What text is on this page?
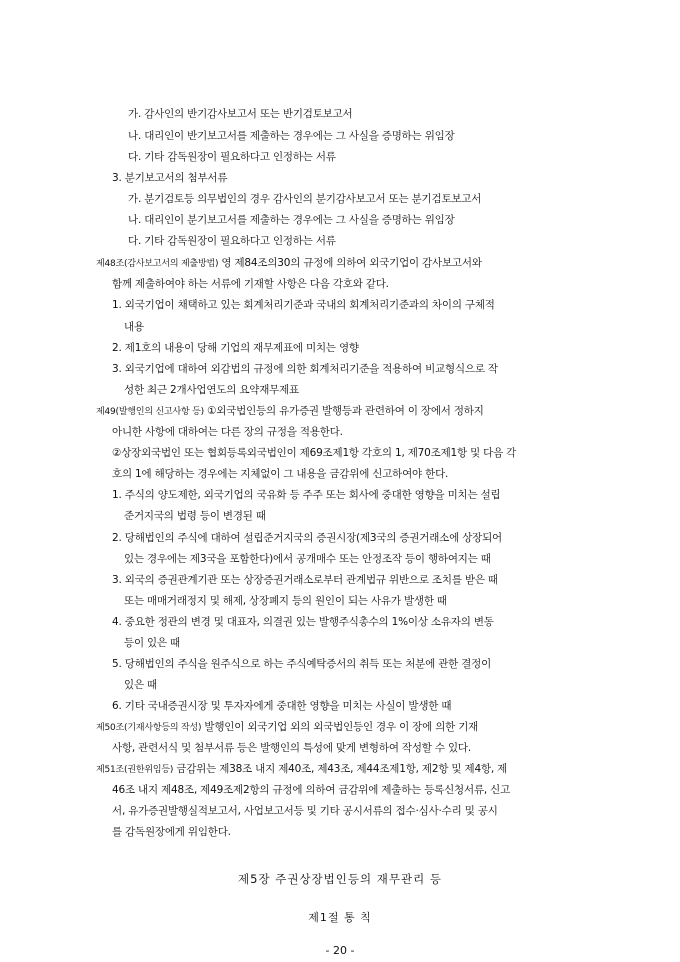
가. 감사인의 반기감사보고서 또는 반기검토보고서
나. 대리인이 반기보고서를 제출하는 경우에는 그 사실을 증명하는 위임장
다. 기타 감독원장이 필요하다고 인정하는 서류
3. 분기보고서의 첨부서류
가. 분기검토등 의무법인의 경우 감사인의 분기감사보고서 또는 분기검토보고서
나. 대리인이 분기보고서를 제출하는 경우에는 그 사실을 증명하는 위임장
다. 기타 감독원장이 필요하다고 인정하는 서류
제48조(감사보고서의 제출방법) 영 제84조의30의 규정에 의하여 외국기업이 감사보고서와
함께 제출하여야 하는 서류에 기재할 사항은 다음 각호와 같다.
1. 외국기업이 채택하고 있는 회계처리기준과 국내의 회계처리기준과의 차이의 구체적
내용
2. 제1호의 내용이 당해 기업의 재무제표에 미치는 영향
3. 외국기업에 대하여 외감법의 규정에 의한 회계처리기준을 적용하여 비교형식으로 작
성한 최근 2개사업연도의 요약재무제표
제49(발행인의 신고사항 등) ①외국법인등의 유가증권 발행등과 관련하여 이 장에서 정하지
아니한 사항에 대하여는 다른 장의 규정을 적용한다.
②상장외국법인 또는 협회등록외국법인이 제69조제1항 각호의 1, 제70조제1항 및 다음 각
호의 1에 해당하는 경우에는 지체없이 그 내용을 금감위에 신고하여야 한다.
1. 주식의 양도제한, 외국기업의 국유화 등 주주 또는 회사에 중대한 영향을 미치는 설립
준거지국의 법령 등이 변경된 때
2. 당해법인의 주식에 대하여 설립준거지국의 증권시장(제3국의 증권거래소에 상장되어
있는 경우에는 제3국을 포함한다)에서 공개매수 또는 안정조작 등이 행하여지는 때
3. 외국의 증권관계기관 또는 상장증권거래소로부터 관계법규 위반으로 조치를 받은 때
또는 매매거래정지 및 해제, 상장폐지 등의 원인이 되는 사유가 발생한 때
4. 중요한 정관의 변경 및 대표자, 의결권 있는 발행주식총수의 1%이상 소유자의 변동
등이 있은 때
5. 당해법인의 주식을 원주식으로 하는 주식예탁증서의 취득 또는 처분에 관한 결정이
있은 때
6. 기타 국내증권시장 및 투자자에게 중대한 영향을 미치는 사실이 발생한 때
제50조(기재사항등의 작성) 발행인이 외국기업 외의 외국법인등인 경우 이 장에 의한 기재
사항, 관련서식 및 첨부서류 등은 발행인의 특성에 맞게 변형하여 작성할 수 있다.
제51조(권한위임등) 금감위는 제38조 내지 제40조, 제43조, 제44조제1항, 제2항 및 제4항, 제
46조 내지 제48조, 제49조제2항의 규정에 의하여 금감위에 제출하는 등록신청서류, 신고
서, 유가증권발행실적보고서, 사업보고서등 및 기타 공시서류의 접수·심사·수리 및 공시
를 감독원장에게 위임한다.
제5장 주권상장법인등의 재무관리 등
제1절 통 칙
- 20 -
